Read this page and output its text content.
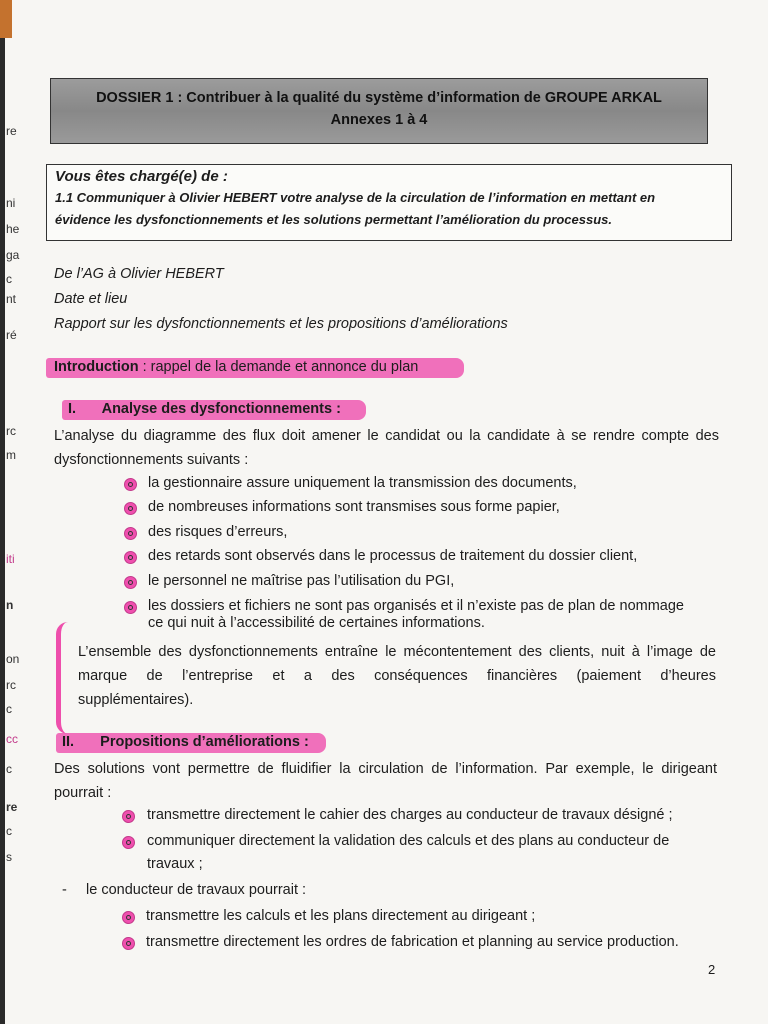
re
ni
he
ga
c
nt
ré
rc
m
iti
n
on
rc
c
cc
c
re
c
s
DOSSIER 1 : Contribuer à la qualité du système d’information de GROUPE ARKAL
Annexes 1 à 4
Vous êtes chargé(e) de :
1.1 Communiquer à Olivier HEBERT votre analyse de la circulation de l’information en mettant en
évidence les dysfonctionnements et les solutions permettant l’amélioration du processus.
De l’AG à Olivier HEBERT
Date et lieu
Rapport sur les dysfonctionnements et les propositions d’améliorations
Introduction : rappel de la demande et annonce du plan
I. Analyse des dysfonctionnements :
L’analyse du diagramme des flux doit amener le candidat ou la candidate à se rendre compte des
dysfonctionnements suivants :
la gestionnaire assure uniquement la transmission des documents,
de nombreuses informations sont transmises sous forme papier,
des risques d’erreurs,
des retards sont observés dans le processus de traitement du dossier client,
le personnel ne maîtrise pas l’utilisation du PGI,
les dossiers et fichiers ne sont pas organisés et il n’existe pas de plan de nommage
ce qui nuit à l’accessibilité de certaines informations.
L’ensemble des dysfonctionnements entraîne le mécontentement des clients, nuit à l’image de
marque de l’entreprise et a des conséquences financières (paiement d’heures
supplémentaires).
II. Propositions d’améliorations :
Des solutions vont permettre de fluidifier la circulation de l’information. Par exemple, le dirigeant
pourrait :
transmettre directement le cahier des charges au conducteur de travaux désigné ;
communiquer directement la validation des calculs et des plans au conducteur de
travaux ;
- le conducteur de travaux pourrait :
transmettre les calculs et les plans directement au dirigeant ;
transmettre directement les ordres de fabrication et planning au service production.
2
